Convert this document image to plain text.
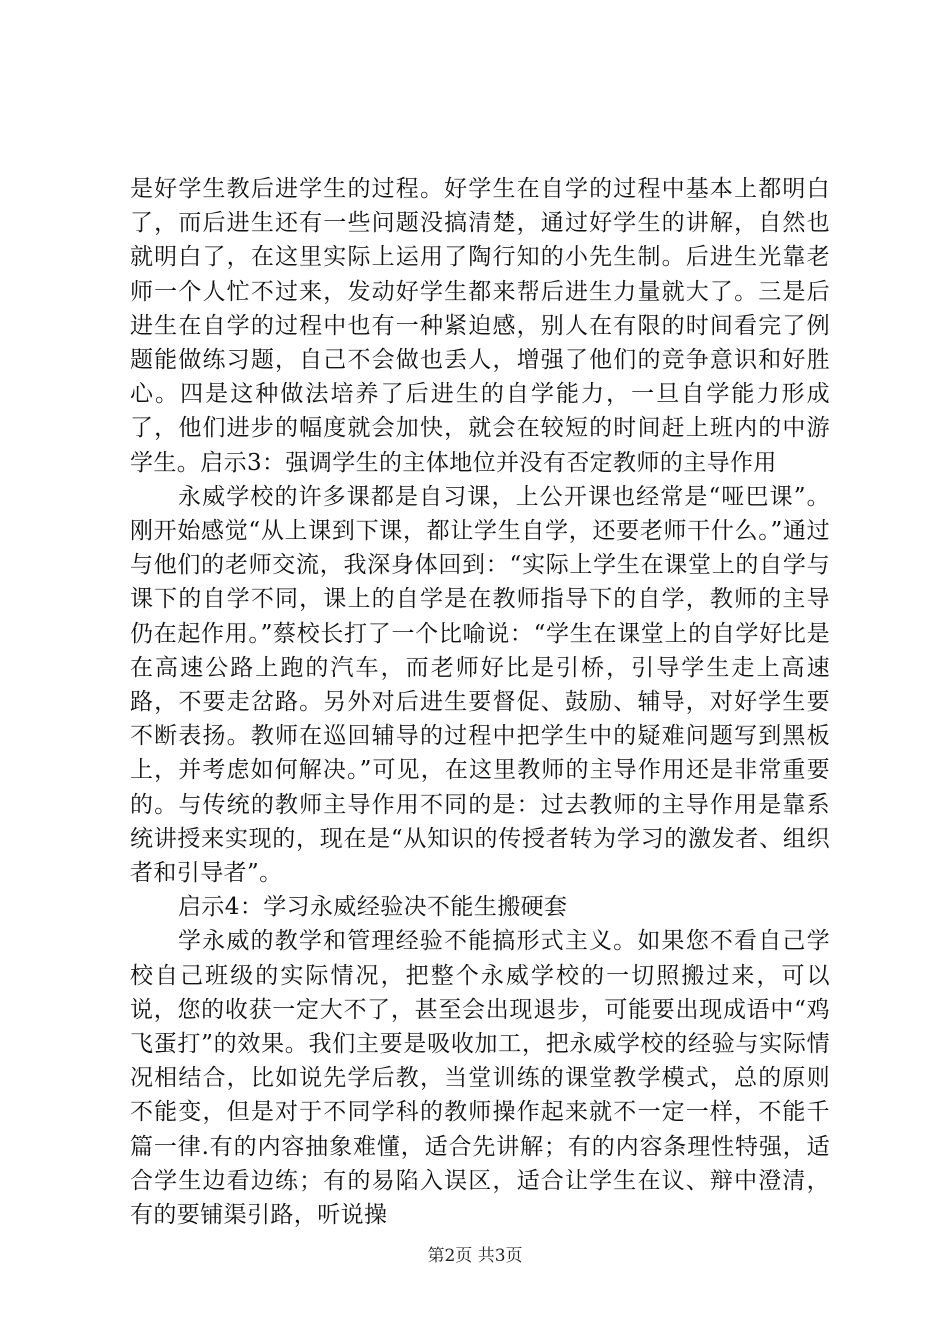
是好学生教后进学生的过程。好学生在自学的过程中基本上都明白了，而后进生还有一些问题没搞清楚，通过好学生的讲解，自然也就明白了，在这里实际上运用了陶行知的小先生制。后进生光靠老师一个人忙不过来，发动好学生都来帮后进生力量就大了。三是后进生在自学的过程中也有一种紧迫感，别人在有限的时间看完了例题能做练习题，自己不会做也丢人，增强了他们的竞争意识和好胜心。四是这种做法培养了后进生的自学能力，一旦自学能力形成了，他们进步的幅度就会加快，就会在较短的时间赶上班内的中游学生。启示3：强调学生的主体地位并没有否定教师的主导作用

永威学校的许多课都是自习课，上公开课也经常是“哑巴课”。刚开始感觉“从上课到下课，都让学生自学，还要老师干什么。”通过与他们的老师交流，我深身体回到：“实际上学生在课堂上的自学与课下的自学不同，课上的自学是在教师指导下的自学，教师的主导仍在起作用。”蔡校长打了一个比喻说：“学生在课堂上的自学好比是在高速公路上跑的汽车，而老师好比是引桥，引导学生走上高速路，不要走岔路。另外对后进生要督促、鼓励、辅导，对好学生要不断表扬。教师在巡回辅导的过程中把学生中的疑难问题写到黑板上，并考虑如何解决。”可见，在这里教师的主导作用还是非常重要的。与传统的教师主导作用不同的是：过去教师的主导作用是靠系统讲授来实现的，现在是“从知识的传授者转为学习的激发者、组织者和引导者”。

启示4：学习永威经验决不能生搬硬套

学永威的教学和管理经验不能搞形式主义。如果您不看自己学校自己班级的实际情况，把整个永威学校的一切照搬过来，可以说，您的收获一定大不了，甚至会出现退步，可能要出现成语中“鸡飞蛋打”的效果。我们主要是吸收加工，把永威学校的经验与实际情况相结合，比如说先学后教，当堂训练的课堂教学模式，总的原则不能变，但是对于不同学科的教师操作起来就不一定一样，不能千篇一律.有的内容抽象难懂，适合先讲解；有的内容条理性特强，适合学生边看边练；有的易陷入误区，适合让学生在议、辩中澄清，有的要铺渠引路，听说操

第2页 共3页
